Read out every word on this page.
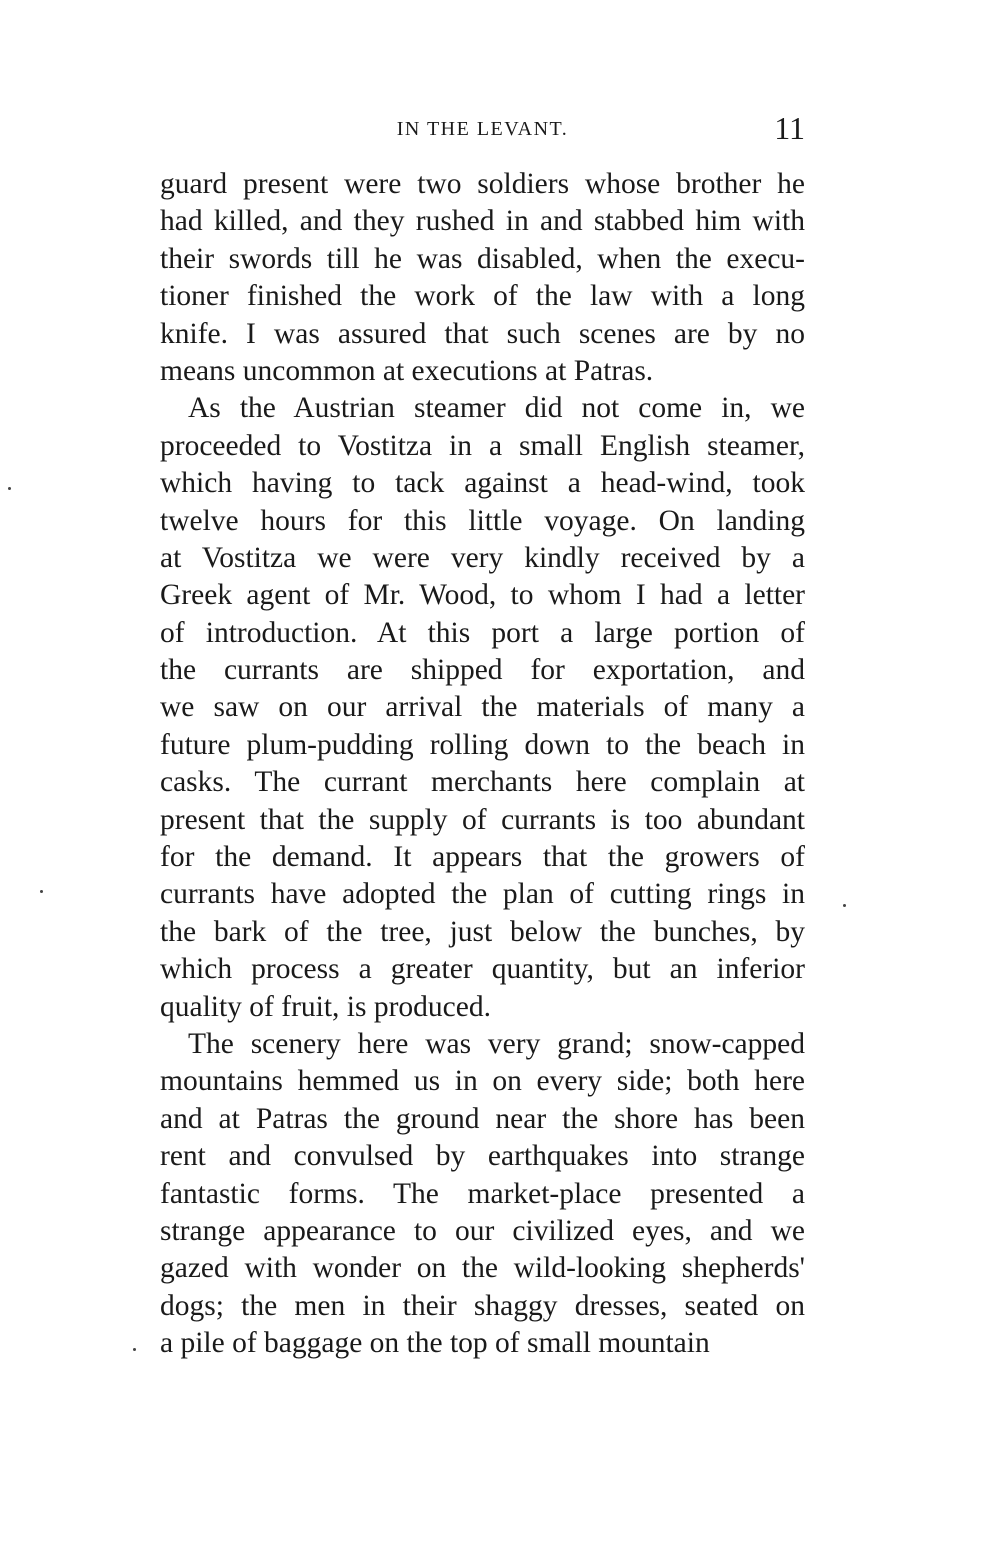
IN THE LEVANT.	11
guard present were two soldiers whose brother he
had killed, and they rushed in and stabbed him with
their swords till he was disabled, when the execu-
tioner finished the work of the law with a long
knife. I was assured that such scenes are by no
means uncommon at executions at Patras.
As the Austrian steamer did not come in, we
proceeded to Vostitza in a small English steamer,
which having to tack against a head-wind, took
twelve hours for this little voyage. On landing
at Vostitza we were very kindly received by a
Greek agent of Mr. Wood, to whom I had a letter
of introduction. At this port a large portion of
the currants are shipped for exportation, and
we saw on our arrival the materials of many a
future plum-pudding rolling down to the beach in
casks. The currant merchants here complain at
present that the supply of currants is too abundant
for the demand. It appears that the growers of
currants have adopted the plan of cutting rings in
the bark of the tree, just below the bunches, by
which process a greater quantity, but an inferior
quality of fruit, is produced.
The scenery here was very grand; snow-capped
mountains hemmed us in on every side; both here
and at Patras the ground near the shore has been
rent and convulsed by earthquakes into strange
fantastic forms. The market-place presented a
strange appearance to our civilized eyes, and we
gazed with wonder on the wild-looking shepherds'
dogs; the men in their shaggy dresses, seated on
a pile of baggage on the top of small mountain
